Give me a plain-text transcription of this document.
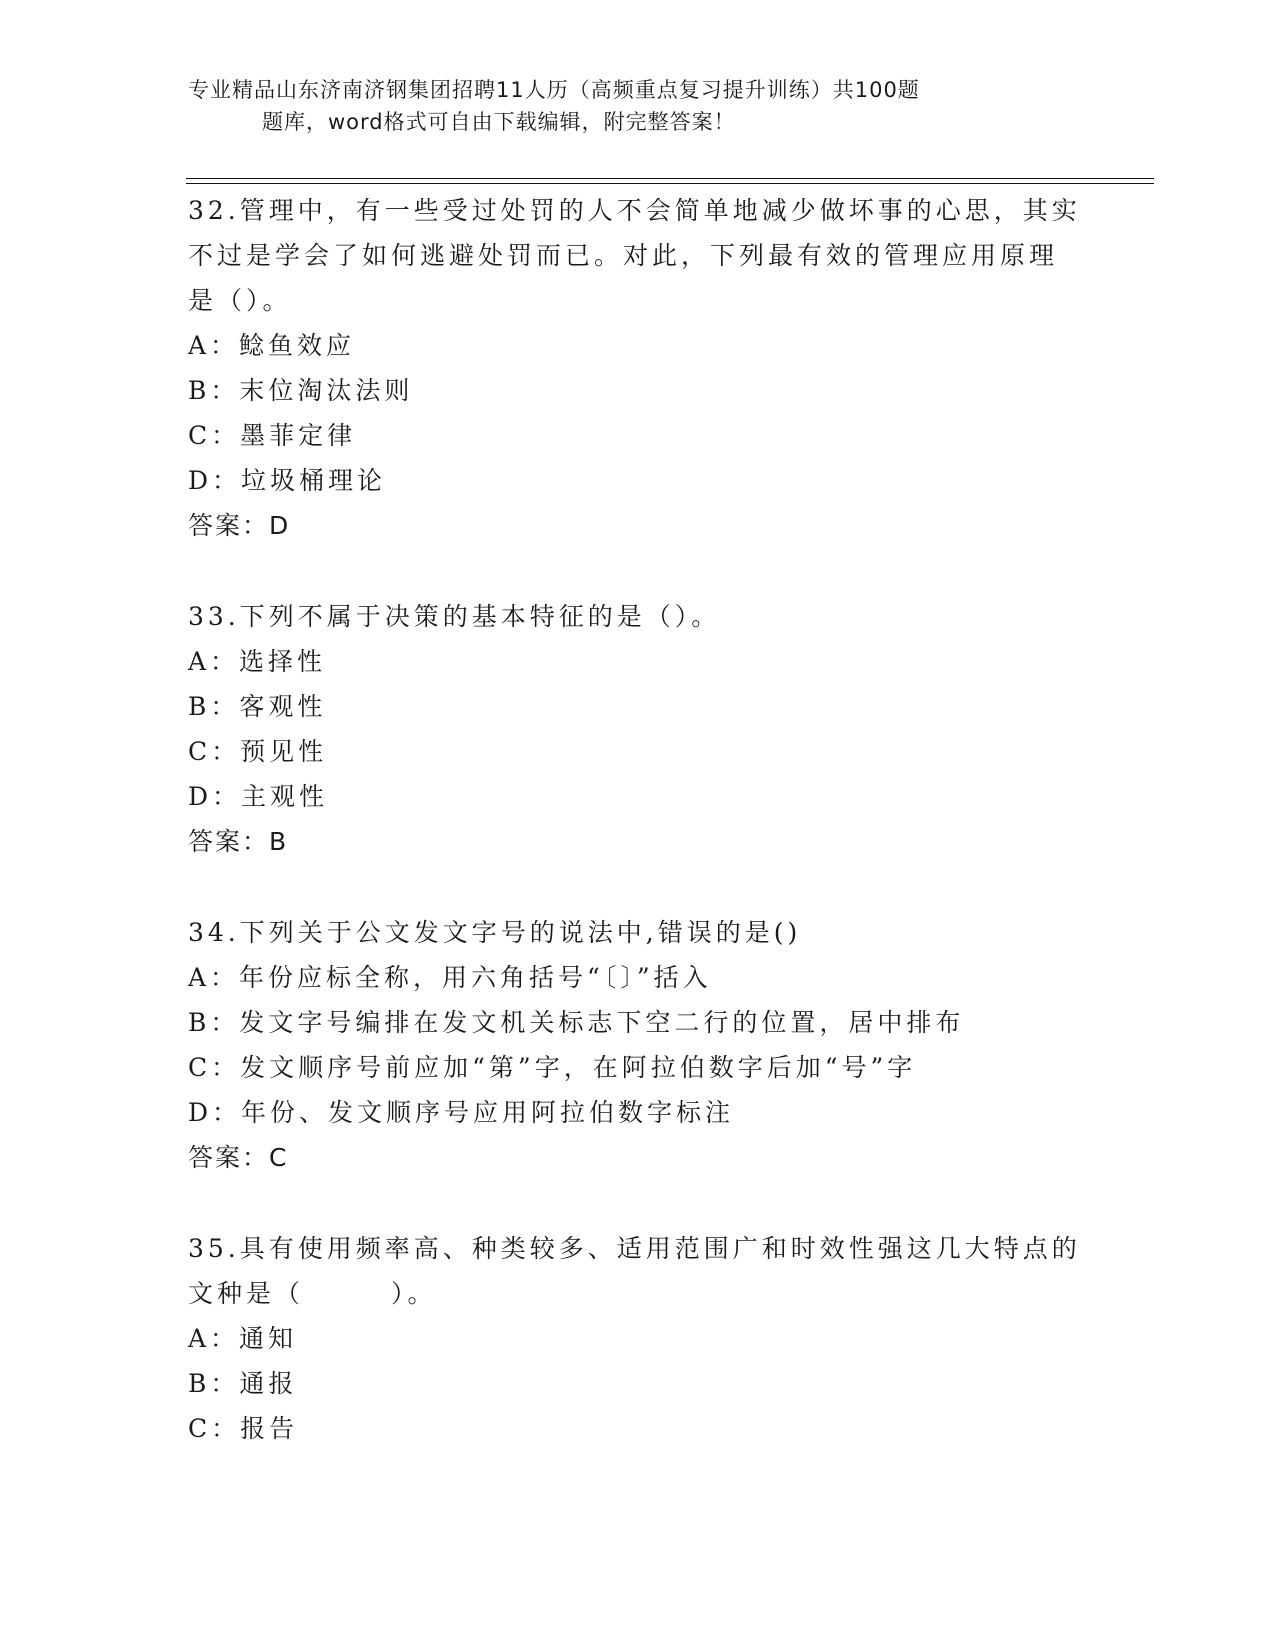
专业精品山东济南济钢集团招聘11人历（高频重点复习提升训练）共100题
题库，word格式可自由下载编辑，附完整答案！
32.管理中，有一些受过处罚的人不会简单地减少做坏事的心思，其实
不过是学会了如何逃避处罚而已。对此，下列最有效的管理应用原理
是（）。
A：鲶鱼效应
B：末位淘汰法则
C：墨菲定律
D：垃圾桶理论
答案：D
33.下列不属于决策的基本特征的是（）。
A：选择性
B：客观性
C：预见性
D：主观性
答案：B
34.下列关于公文发文字号的说法中,错误的是()
A：年份应标全称，用六角括号“〔〕”括入
B：发文字号编排在发文机关标志下空二行的位置，居中排布
C：发文顺序号前应加“第”字，在阿拉伯数字后加“号”字
D：年份、发文顺序号应用阿拉伯数字标注
答案：C
35.具有使用频率高、种类较多、适用范围广和时效性强这几大特点的
文种是（　　　）。
A：通知
B：通报
C：报告
